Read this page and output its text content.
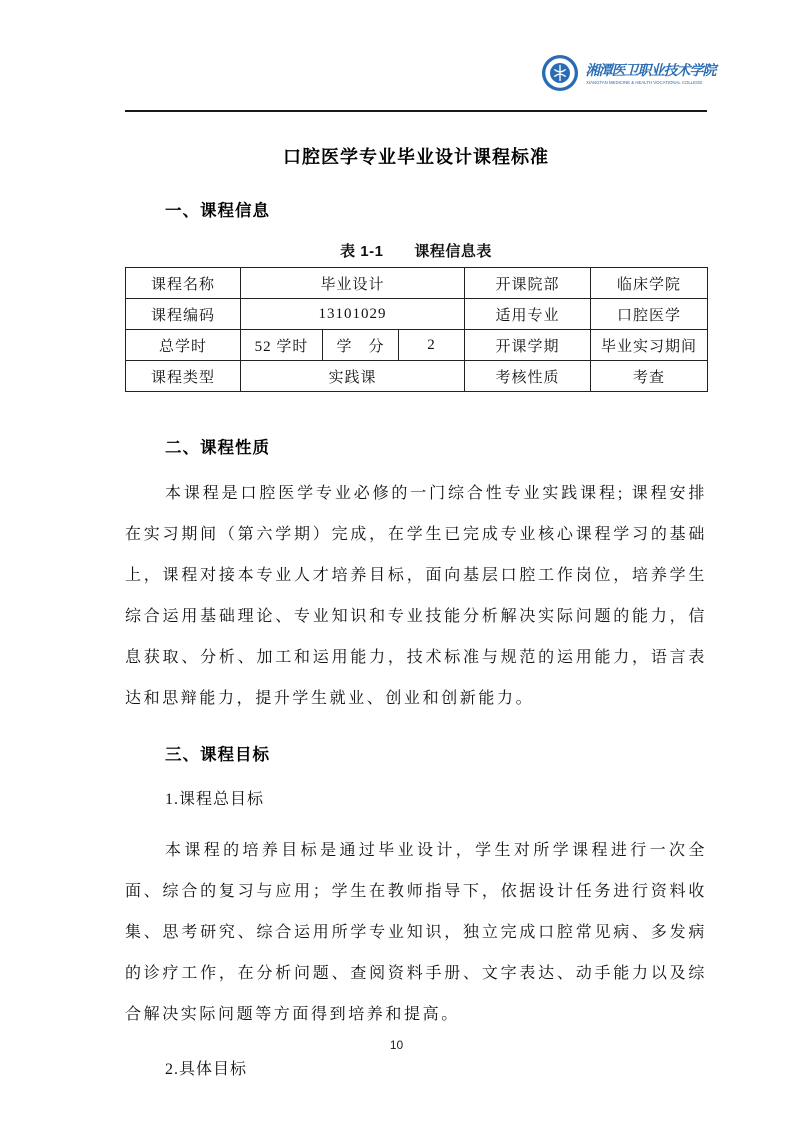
湘潭医卫职业技术学院
XIANGTAN MEDICINE & HEALTH VOCATIONAL COLLEGE
口腔医学专业毕业设计课程标准
一、课程信息
表 1-1　　课程信息表
课程名称	毕业设计			开课院部	临床学院
课程编码	13101029			适用专业	口腔医学
总学时	52 学时	学　分	2	开课学期	毕业实习期间
课程类型	实践课			考核性质	考查
二、课程性质

本课程是口腔医学专业必修的一门综合性专业实践课程; 课程安排在实习期间（第六学期）完成，在学生已完成专业核心课程学习的基础上，课程对接本专业人才培养目标，面向基层口腔工作岗位，培养学生综合运用基础理论、专业知识和专业技能分析解决实际问题的能力，信息获取、分析、加工和运用能力，技术标准与规范的运用能力，语言表达和思辩能力，提升学生就业、创业和创新能力。

三、课程目标
1.课程总目标

本课程的培养目标是通过毕业设计，学生对所学课程进行一次全面、综合的复习与应用；学生在教师指导下，依据设计任务进行资料收集、思考研究、综合运用所学专业知识，独立完成口腔常见病、多发病的诊疗工作，在分析问题、查阅资料手册、文字表达、动手能力以及综合解决实际问题等方面得到培养和提高。

2.具体目标
10
